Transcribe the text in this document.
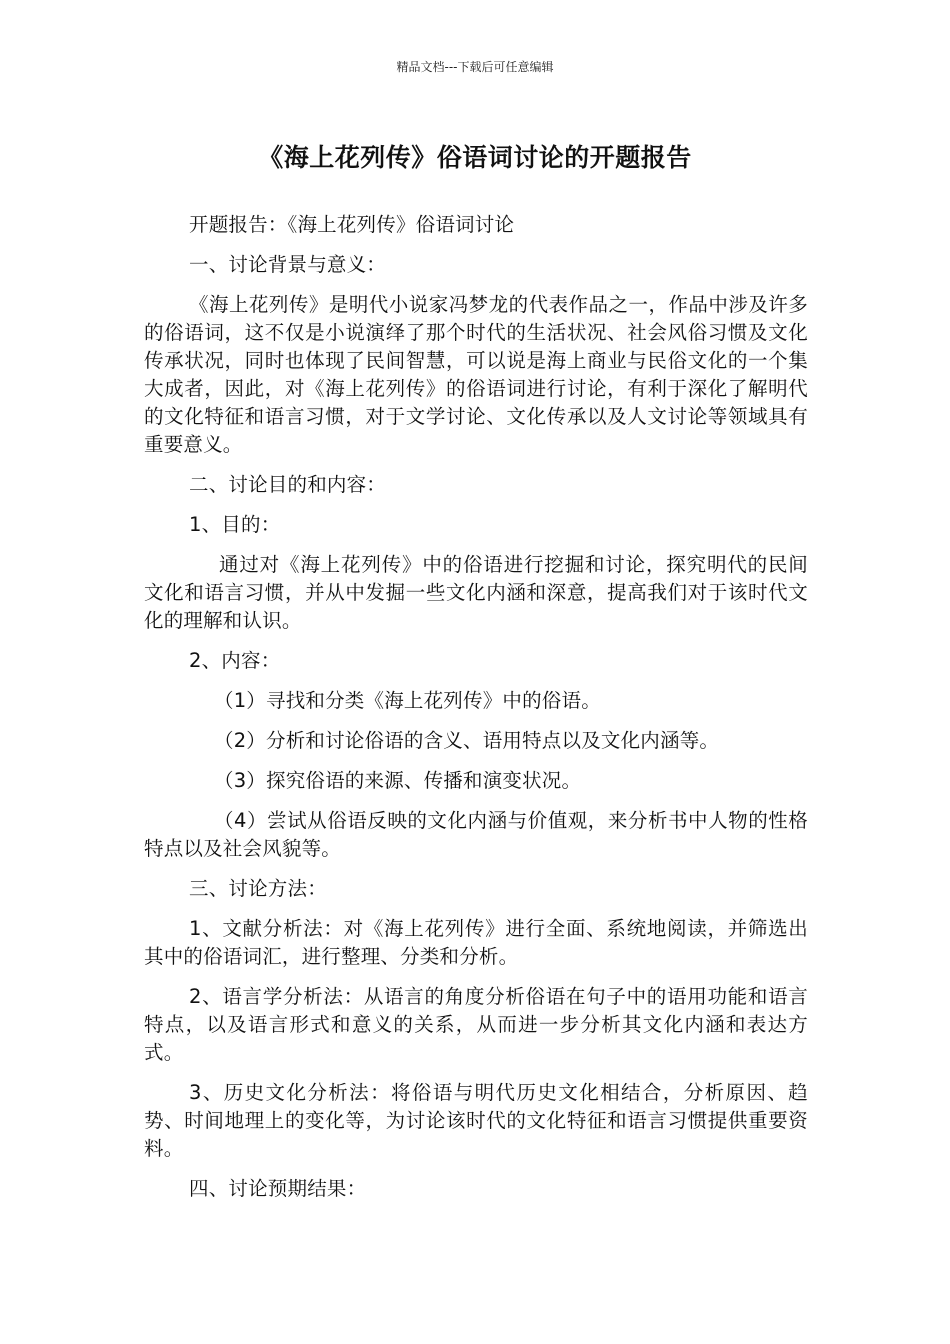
精品文档---下载后可任意编辑
《海上花列传》俗语词讨论的开题报告

开题报告：《海上花列传》俗语词讨论

一、讨论背景与意义：

《海上花列传》是明代小说家冯梦龙的代表作品之一，作品中涉及许多的俗语词，这不仅是小说演绎了那个时代的生活状况、社会风俗习惯及文化传承状况，同时也体现了民间智慧，可以说是海上商业与民俗文化的一个集大成者，因此，对《海上花列传》的俗语词进行讨论，有利于深化了解明代的文化特征和语言习惯，对于文学讨论、文化传承以及人文讨论等领域具有重要意义。

二、讨论目的和内容：

1、目的：

通过对《海上花列传》中的俗语进行挖掘和讨论，探究明代的民间文化和语言习惯，并从中发掘一些文化内涵和深意，提高我们对于该时代文化的理解和认识。

2、内容：

（1）寻找和分类《海上花列传》中的俗语。

（2）分析和讨论俗语的含义、语用特点以及文化内涵等。

（3）探究俗语的来源、传播和演变状况。

（4）尝试从俗语反映的文化内涵与价值观，来分析书中人物的性格特点以及社会风貌等。

三、讨论方法：

1、文献分析法：对《海上花列传》进行全面、系统地阅读，并筛选出其中的俗语词汇，进行整理、分类和分析。

2、语言学分析法：从语言的角度分析俗语在句子中的语用功能和语言特点，以及语言形式和意义的关系，从而进一步分析其文化内涵和表达方式。

3、历史文化分析法：将俗语与明代历史文化相结合，分析原因、趋势、时间地理上的变化等，为讨论该时代的文化特征和语言习惯提供重要资料。

四、讨论预期结果：
